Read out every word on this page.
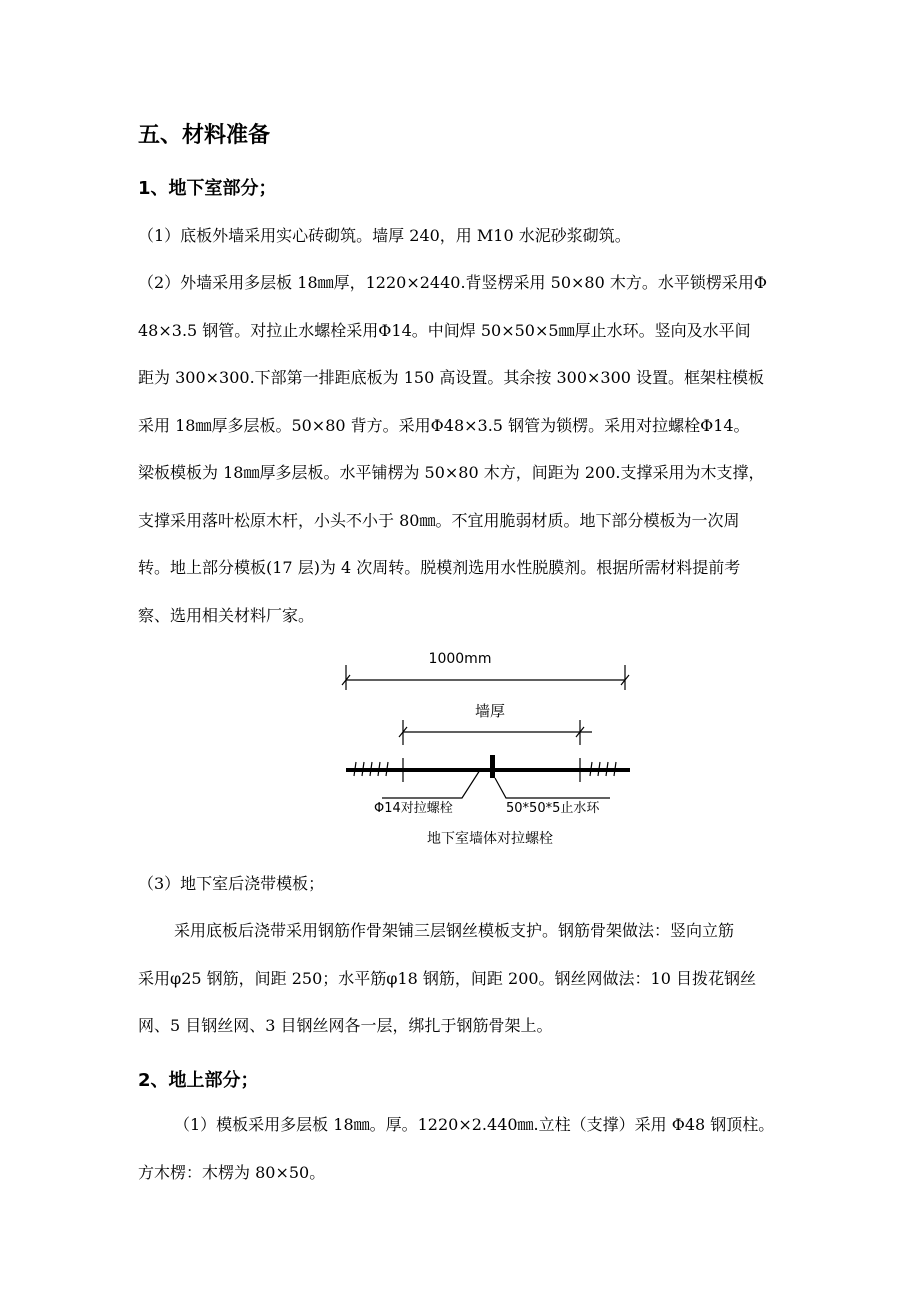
五、材料准备
1、地下室部分；

（1）底板外墙采用实心砖砌筑。墙厚 240，用 M10 水泥砂浆砌筑。

（2）外墙采用多层板 18㎜厚，1220×2440.背竖楞采用 50×80 木方。水平锁楞采用Φ
48×3.5 钢管。对拉止水螺栓采用Φ14。中间焊 50×50×5㎜厚止水环。竖向及水平间
距为 300×300.下部第一排距底板为 150 高设置。其余按 300×300 设置。框架柱模板
采用 18㎜厚多层板。50×80 背方。采用Φ48×3.5 钢管为锁楞。采用对拉螺栓Φ14。
梁板模板为 18㎜厚多层板。水平铺楞为 50×80 木方，间距为 200.支撑采用为木支撑，
支撑采用落叶松原木杆，小头不小于 80㎜。不宜用脆弱材质。地下部分模板为一次周
转。地上部分模板(17 层)为 4 次周转。脱模剂选用水性脱膜剂。根据所需材料提前考
察、选用相关材料厂家。

1000mm
墙厚
Φ14对拉螺栓	50*50*5止水环
地下室墙体对拉螺栓

（3）地下室后浇带模板；

采用底板后浇带采用钢筋作骨架铺三层钢丝模板支护。钢筋骨架做法：竖向立筋
采用φ25 钢筋，间距 250；水平筋φ18 钢筋，间距 200。钢丝网做法：10 目拨花钢丝
网、5 目钢丝网、3 目钢丝网各一层，绑扎于钢筋骨架上。

2、地上部分；

（1）模板采用多层板 18㎜。厚。1220×2.440㎜.立柱（支撑）采用 Φ48 钢顶柱。
方木楞：木楞为 80×50。
